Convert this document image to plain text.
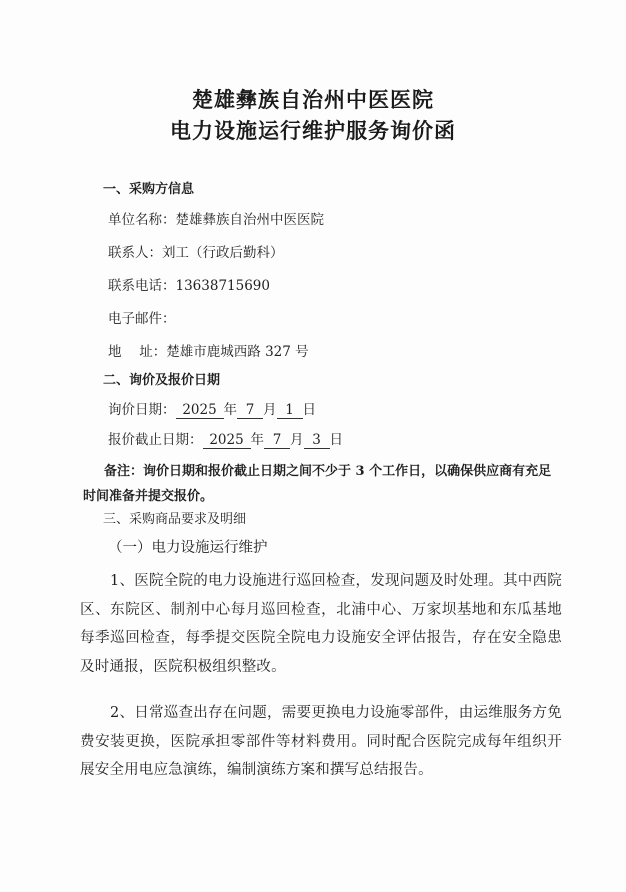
楚雄彝族自治州中医医院
电力设施运行维护服务询价函
一、采购方信息
单位名称：楚雄彝族自治州中医医院
联系人：刘工（行政后勤科）
联系电话：13638715690
电子邮件：
地　 址：楚雄市鹿城西路 327 号
二、询价及报价日期
询价日期： 2025 年 7 月 1 日
报价截止日期： 2025 年 7 月 3 日
备注：询价日期和报价截止日期之间不少于 3 个工作日，以确保供应商有充足时间准备并提交报价。
三、采购商品要求及明细
（一）电力设施运行维护
1、医院全院的电力设施进行巡回检查，发现问题及时处理。其中西院区、东院区、制剂中心每月巡回检查，北浦中心、万家坝基地和东瓜基地每季巡回检查，每季提交医院全院电力设施安全评估报告，存在安全隐患及时通报，医院积极组织整改。
2、日常巡查出存在问题，需要更换电力设施零部件，由运维服务方免费安装更换，医院承担零部件等材料费用。同时配合医院完成每年组织开展安全用电应急演练，编制演练方案和撰写总结报告。
